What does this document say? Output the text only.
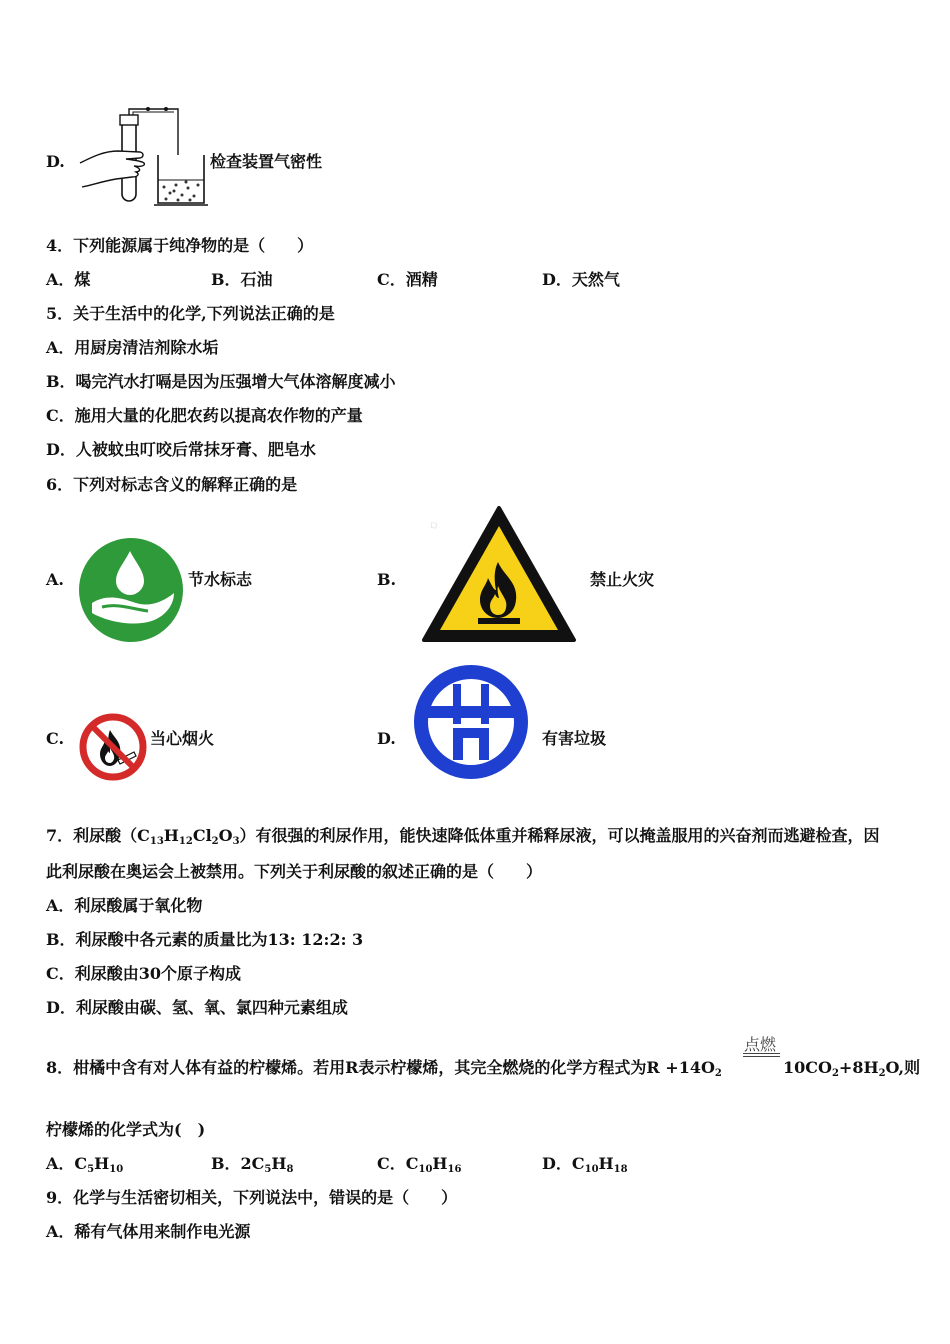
D.	检查装置气密性
4．下列能源属于纯净物的是（　　）
A．煤	B．石油	C．酒精	D．天然气
5．关于生活中的化学,下列说法正确的是
A．用厨房清洁剂除水垢
B．喝完汽水打嗝是因为压强增大气体溶解度减小
C．施用大量的化肥农药以提高农作物的产量
D．人被蚊虫叮咬后常抹牙膏、肥皂水
6．下列对标志含义的解释正确的是
A.	节水标志	B.
◇
禁止火灾
C.	当心烟火	D.	有害垃圾
7．利尿酸$(C_{13}H_{12}Cl_2O_3)$有很强的利尿作用，能快速降低体重并稀释尿液，可以掩盖服用的兴奋剂而逃避检查，因
此利尿酸在奥运会上被禁用。下列关于利尿酸的叙述正确的是（　　）
A．利尿酸属于氧化物
B．利尿酸中各元素的质量比为13: 12:2: 3
C．利尿酸由30个原子构成
D．利尿酸由碳、氢、氧、氯四种元素组成
点燃
8．柑橘中含有对人体有益的柠檬烯。若用R表示柠檬烯，其完全燃烧的化学方程式为$R +14O_2$	$10CO_2+8H_2O$,则
柠檬烯的化学式为(　)
A．$C_5H_{10}$	B．$2C_5H_8$	C．$C_{10}H_{16}$	D．$C_{10}H_{18}$
9．化学与生活密切相关，下列说法中，错误的是（　　）
A．稀有气体用来制作电光源
